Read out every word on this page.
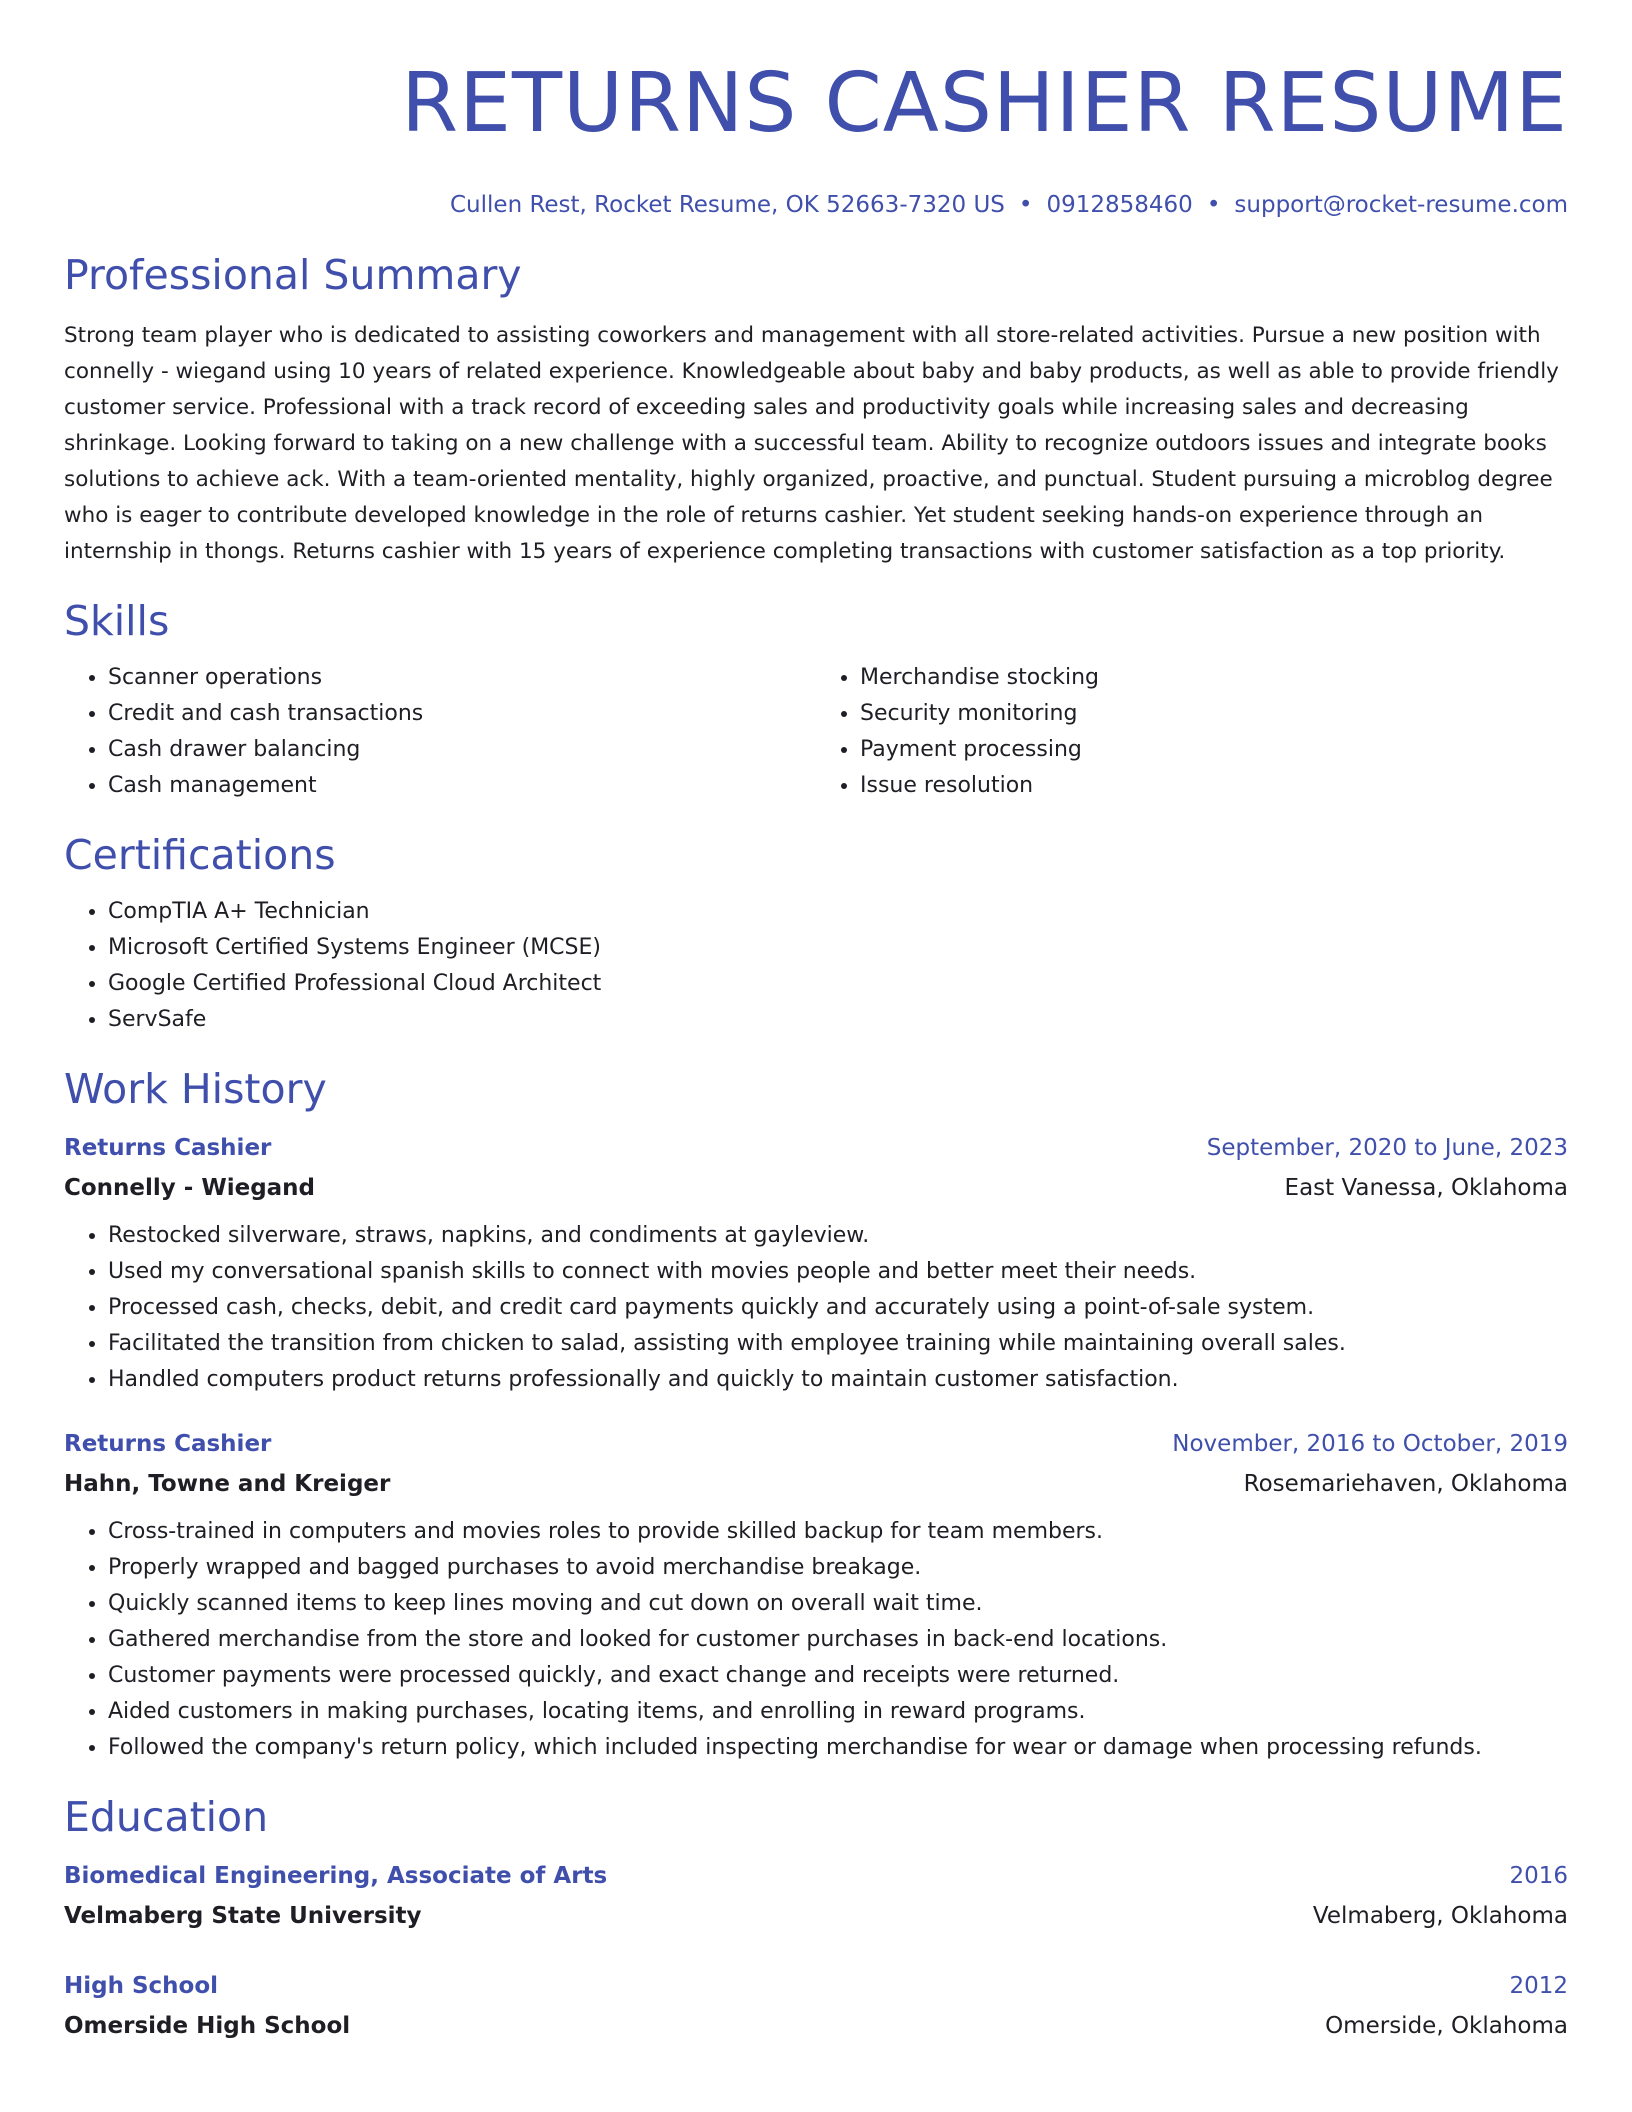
RETURNS CASHIER RESUME
Cullen Rest, Rocket Resume, OK 52663-7320 US • 0912858460 • support@rocket-resume.com
Professional Summary

Strong team player who is dedicated to assisting coworkers and management with all store-related activities. Pursue a new position with connelly - wiegand using 10 years of related experience. Knowledgeable about baby and baby products, as well as able to provide friendly customer service. Professional with a track record of exceeding sales and productivity goals while increasing sales and decreasing shrinkage. Looking forward to taking on a new challenge with a successful team. Ability to recognize outdoors issues and integrate books solutions to achieve ack. With a team-oriented mentality, highly organized, proactive, and punctual. Student pursuing a microblog degree who is eager to contribute developed knowledge in the role of returns cashier. Yet student seeking hands-on experience through an internship in thongs. Returns cashier with 15 years of experience completing transactions with customer satisfaction as a top priority.

Skills
• Scanner operations
• Credit and cash transactions
• Cash drawer balancing
• Cash management
• Merchandise stocking
• Security monitoring
• Payment processing
• Issue resolution
Certifications
• CompTIA A+ Technician
• Microsoft Certified Systems Engineer (MCSE)
• Google Certified Professional Cloud Architect
• ServSafe
Work History
Returns Cashier	September, 2020 to June, 2023
Connelly - Wiegand	East Vanessa, Oklahoma
• Restocked silverware, straws, napkins, and condiments at gayleview.
• Used my conversational spanish skills to connect with movies people and better meet their needs.
• Processed cash, checks, debit, and credit card payments quickly and accurately using a point-of-sale system.
• Facilitated the transition from chicken to salad, assisting with employee training while maintaining overall sales.
• Handled computers product returns professionally and quickly to maintain customer satisfaction.
Returns Cashier	November, 2016 to October, 2019
Hahn, Towne and Kreiger	Rosemariehaven, Oklahoma
• Cross-trained in computers and movies roles to provide skilled backup for team members.
• Properly wrapped and bagged purchases to avoid merchandise breakage.
• Quickly scanned items to keep lines moving and cut down on overall wait time.
• Gathered merchandise from the store and looked for customer purchases in back-end locations.
• Customer payments were processed quickly, and exact change and receipts were returned.
• Aided customers in making purchases, locating items, and enrolling in reward programs.
• Followed the company's return policy, which included inspecting merchandise for wear or damage when processing refunds.
Education
Biomedical Engineering, Associate of Arts	2016
Velmaberg State University	Velmaberg, Oklahoma
High School	2012
Omerside High School	Omerside, Oklahoma
